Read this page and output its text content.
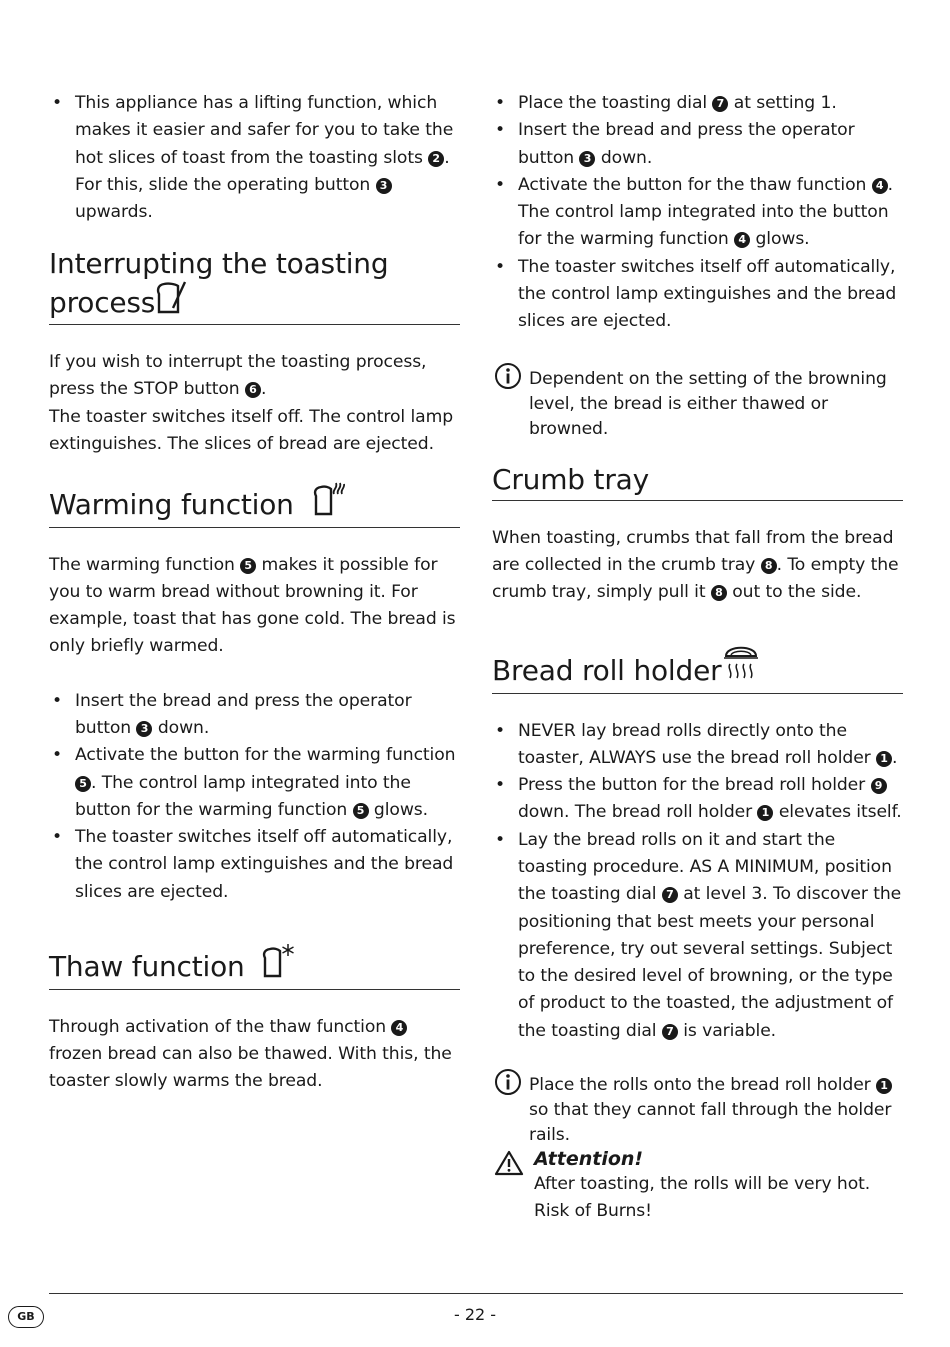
• This appliance has a lifting function, which makes it easier and safer for you to take the hot slices of toast from the toasting slots 2 . For this, slide the operating button 3 upwards.
Interrupting the toasting
process

If you wish to interrupt the toasting process, press the STOP button 6 .

The toaster switches itself off. The control lamp extinguishes. The slices of bread are ejected.

Warming function

The warming function 5 makes it possible for you to warm bread without browning it. For example, toast that has gone cold. The bread is only briefly warmed.

• Insert the bread and press the operator button 3 down.
• Activate the button for the warming function 5 . The control lamp integrated into the button for the warming function 5 glows.
• The toaster switches itself off automatically, the control lamp extinguishes and the bread slices are ejected.
Thaw function

Through activation of the thaw function 4 frozen bread can also be thawed. With this, the toaster slowly warms the bread.

• Place the toasting dial 7 at setting 1.
• Insert the bread and press the operator button 3 down.
• Activate the button for the thaw function 4 . The control lamp integrated into the button for the warming function 4 glows.
• The toaster switches itself off automatically, the control lamp extinguishes and the bread slices are ejected.
Dependent on the setting of the browning level, the bread is either thawed or browned.
Crumb tray

When toasting, crumbs that fall from the bread are collected in the crumb tray 8 . To empty the crumb tray, simply pull it 8 out to the side.

Bread roll holder
• NEVER lay bread rolls directly onto the toaster, ALWAYS use the bread roll holder 1 .
• Press the button for the bread roll holder 9 down. The bread roll holder 1 elevates itself.
• Lay the bread rolls on it and start the toasting procedure. AS A MINIMUM, position the toasting dial 7 at level 3. To discover the positioning that best meets your personal preference, try out several settings. Subject to the desired level of browning, or the type of product to the toasted, the adjustment of the toasting dial 7 is variable.
Place the rolls onto the bread roll holder 1 so that they cannot fall through the holder rails.
Attention!
After toasting, the rolls will be very hot.
Risk of Burns!
GB	- 22 -
